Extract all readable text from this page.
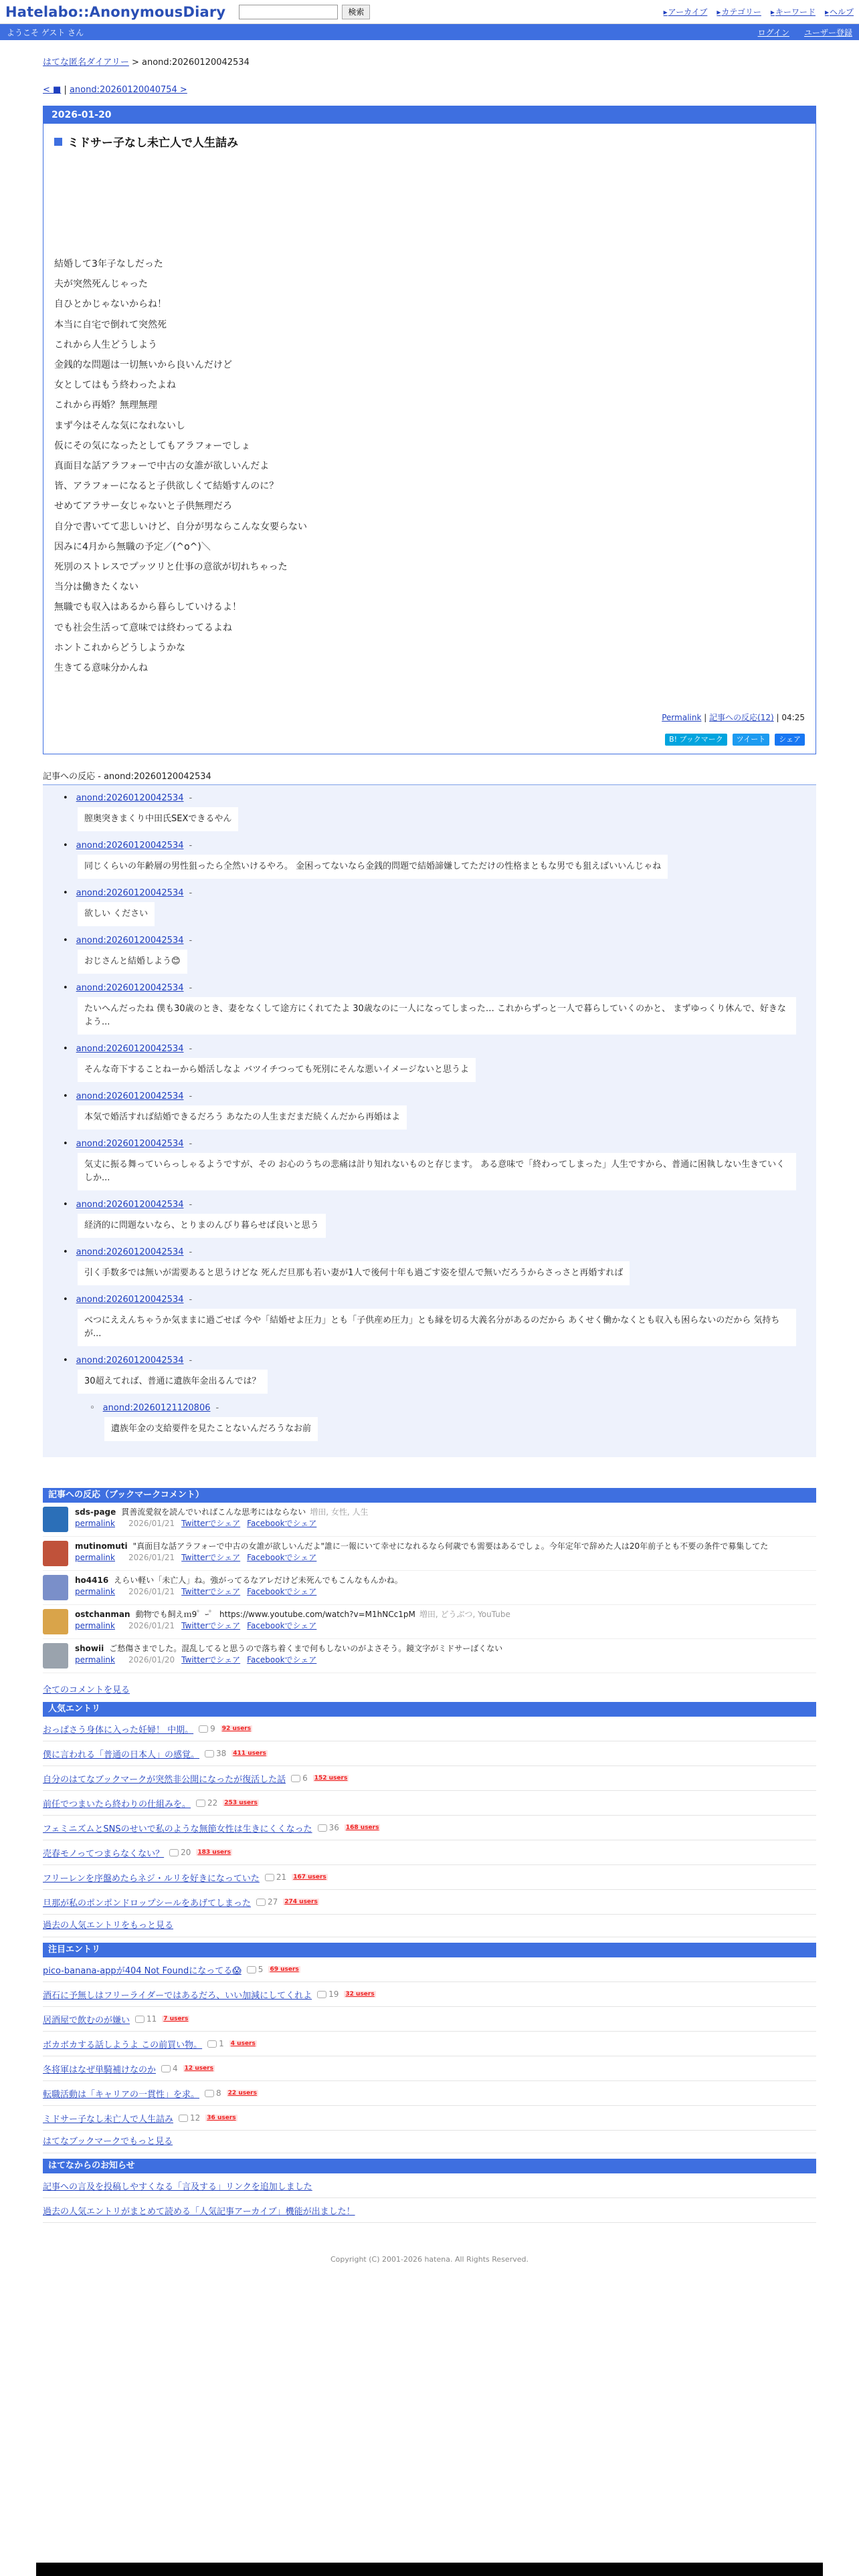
Hatelabo::AnonymousDiary	検索	▸ アーカイブ	▸ カテゴリー	▸ キーワード	▸ ヘルプ
ようこそ ゲスト さん	ログイン ユーザー登録
はてな匿名ダイアリー > anond:20260120042534
< ■ | anond:20260120040754 >
2026-01-20
ミドサー子なし未亡人で人生詰み
結婚して3年子なしだった
夫が突然死んじゃった
自ひとかじゃないからね！
本当に自宅で倒れて突然死
これから人生どうしよう
金銭的な問題は一切無いから良いんだけど
女としてはもう終わったよね
これから再婚？無理無理
まず今はそんな気になれないし
仮にその気になったとしてもアラフォーでしょ
真面目な話アラフォーで中古の女誰が欲しいんだよ
皆、アラフォーになると子供欲しくて結婚すんのに？
せめてアラサー女じゃないと子供無理だろ
自分で書いてて悲しいけど、自分が男ならこんな女要らない
因みに4月から無職の予定／(^o^)＼
死別のストレスでプッツリと仕事の意欲が切れちゃった
当分は働きたくない
無職でも収入はあるから暮らしていけるよ！
でも社会生活って意味では終わってるよね
ホントこれからどうしようかな
生きてる意味分かんね
Permalink | 記事への反応(12) | 04:25
B! ブックマーク	ツイート	シェア
記事への反応 - anond:20260120042534
• anond:20260120042534 -
膣奥突きまくり中田氏SEXできるやん
• anond:20260120042534 -
同じくらいの年齢層の男性狙ったら全然いけるやろ。 金困ってないなら金銭的問題で結婚諦嫌してただけの性格まともな男でも狙えばいいんじゃね
• anond:20260120042534 -
欲しい ください
• anond:20260120042534 -
おじさんと結婚しよう😊
• anond:20260120042534 -
たいへんだったね 僕も30歳のとき、妻をなくして途方にくれてたよ 30歳なのに一人になってしまった… これからずっと一人で暮らしていくのかと、 まずゆっくり休んで、好きなよう...
• anond:20260120042534 -
そんな奇下することねーから婚活しなよ バツイチつっても死別にそんな悪いイメージないと思うよ
• anond:20260120042534 -
本気で婚活すれば結婚できるだろう あなたの人生まだまだ続くんだから再婚はよ
• anond:20260120042534 -
気丈に振る舞っていらっしゃるようですが、その お心のうちの悲痛は計り知れないものと存じます。 ある意味で「終わってしまった」人生ですから、普通に困執しない生きていくしか...
• anond:20260120042534 -
経済的に問題ないなら、とりまのんびり暮らせば良いと思う
• anond:20260120042534 -
引く手数多では無いが需要あると思うけどな 死んだ旦那も若い妻が1人で後何十年も過ごす姿を望んで無いだろうからさっさと再婚すれば
• anond:20260120042534 -
べつにええんちゃうか気ままに過ごせば 今や「結婚せよ圧力」とも「子供産め圧力」とも縁を切る大義名分があるのだから あくせく働かなくとも収入も困らないのだから 気持ちが...
• anond:20260120042534 -
30超えてれば、普通に遺族年金出るんでは？
◦ anond:20260121120806 -
遺族年金の支給要件を見たことないんだろうなお前
記事への反応（ブックマークコメント）
sds-page 貫善流愛叙を読んでいればこんな思考にはならない 増田, 女性, 人生
permalink 2026/01/21 Twitterでシェア Facebookでシェア
mutinomuti "真面目な話アラフォーで中古の女誰が欲しいんだよ"誰に一報にいて幸せになれるなら何歳でも需要はあるでしょ。今年定年で辞めた人は20年前子とも不要の条件で募集してた
permalink 2026/01/21 Twitterでシェア Facebookでシェア
ho4416 えらい軽い「未亡人」ね。強がってるなアレだけど未死んでもこんなもんかね。
permalink 2026/01/21 Twitterでシェア Facebookでシェア
ostchanman 動物でも飼えｍ9゜ｰ゜ https://www.youtube.com/watch?v=M1hNCc1pM 増田, どうぶつ, YouTube
permalink 2026/01/21 Twitterでシェア Facebookでシェア
showii ご愁傷さまでした。混乱してると思うので落ち着くまで何もしないのがよさそう。鏡文字がミドサーばくない
permalink 2026/01/20 Twitterでシェア Facebookでシェア
全てのコメントを見る
人気エントリ
おっぱさう身体に入った妊婦！ 中期。	9 92 users
僕に言われる「普通の日本人」の感覚。	38 411 users
自分のはてなブックマークが突然非公開になったが復活した話	6 152 users
前任でつまいたら終わりの仕組みを。	22 253 users
フェミニズムとSNSのせいで私のような無節女性は生きにくくなった	36 168 users
売春モノってつまらなくない？	20 183 users
フリーレンを序盤めたらネジ・ルリを好きになっていた	21 167 users
旦那が私のポンポンドロップシールをあげてしまった	27 274 users
過去の人気エントリをもっと見る
注目エントリ
pico-banana-appが404 Not Foundになってる😱	5 69 users
酒石に予無しはフリーライダーではあるだろ、いい加減にしてくれよ	19 32 users
居酒屋で飲むのが嫌い	11 7 users
ボカボカする話しようよ この前買い物。	1 4 users
冬将軍はなぜ単騎補けなのか	4 12 users
転職活動は「キャリアの一貫性」を求。	8 22 users
ミドサー子なし未亡人で人生詰み	12 36 users
はてなブックマークでもっと見る
はてなからのお知らせ
記事への言及を投稿しやすくなる「言及する」リンクを追加しました
過去の人気エントリがまとめて読める「人気記事アーカイブ」機能が出ました！
Copyright (C) 2001-2026 hatena. All Rights Reserved.
